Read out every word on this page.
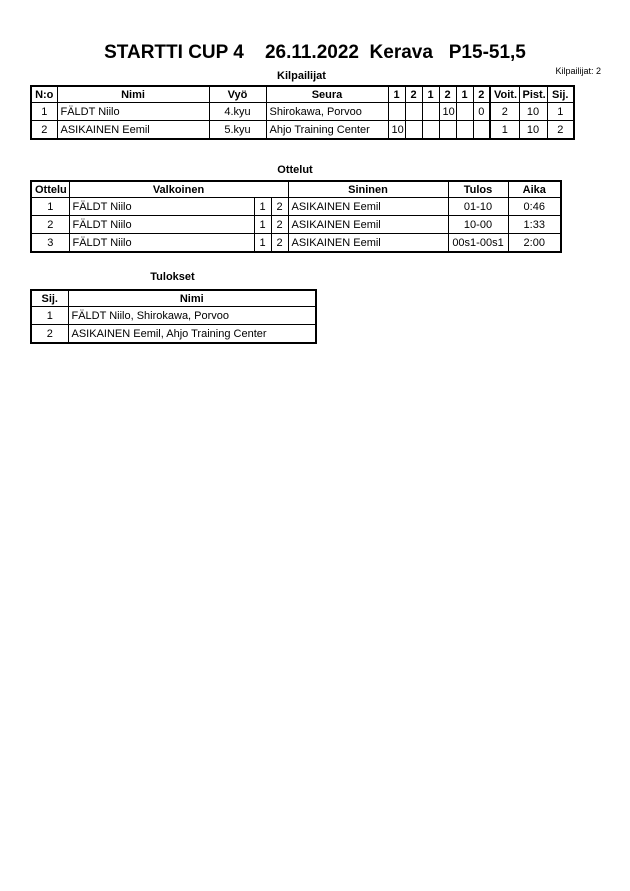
STARTTI CUP 4    26.11.2022  Kerava   P15-51,5
Kilpailijat: 2
Kilpailijat
N:o	Nimi	Vyö	Seura	1	2	1	2	1	2	Voit.	Pist.	Sij.
1	FÄLDT Niilo	4.kyu	Shirokawa, Porvoo				10		0	2	10	1
2	ASIKAINEN Eemil	5.kyu	Ahjo Training Center	10						1	10	2
Ottelut
Ottelu	Valkoinen			Sininen	Tulos	Aika
1	FÄLDT Niilo	1	2	ASIKAINEN Eemil	01-10	0:46
2	FÄLDT Niilo	1	2	ASIKAINEN Eemil	10-00	1:33
3	FÄLDT Niilo	1	2	ASIKAINEN Eemil	00s1-00s1	2:00
Tulokset
Sij.	Nimi
1	FÄLDT Niilo, Shirokawa, Porvoo
2	ASIKAINEN Eemil, Ahjo Training Center
